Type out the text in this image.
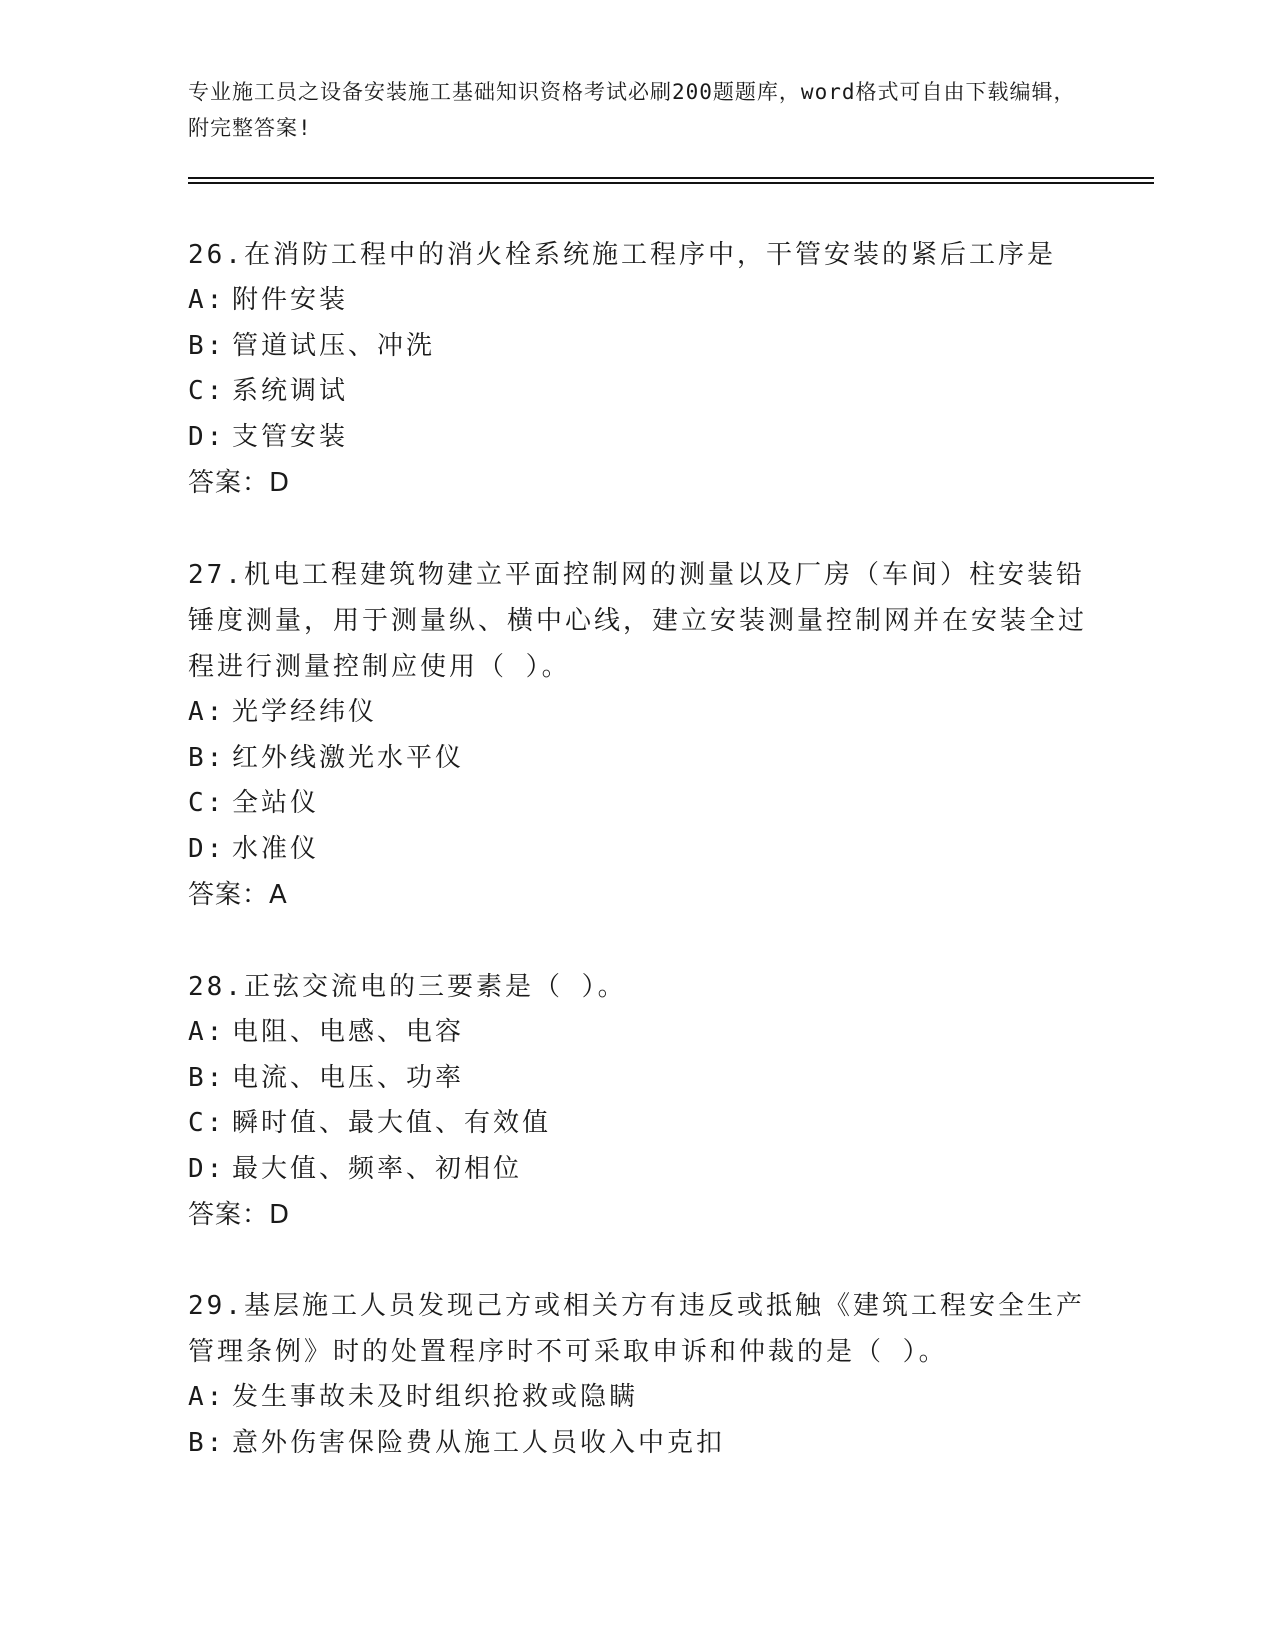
专业施工员之设备安装施工基础知识资格考试必刷200题题库，word格式可自由下载编辑，附完整答案!
26.在消防工程中的消火栓系统施工程序中，干管安装的紧后工序是
A: 附件安装
B: 管道试压、冲洗
C: 系统调试
D: 支管安装
答案：D
27.机电工程建筑物建立平面控制网的测量以及厂房（车间）柱安装铅锤度测量，用于测量纵、横中心线，建立安装测量控制网并在安装全过程进行测量控制应使用（ ）。
A: 光学经纬仪
B: 红外线激光水平仪
C: 全站仪
D: 水准仪
答案：A
28.正弦交流电的三要素是（ ）。
A: 电阻、电感、电容
B: 电流、电压、功率
C: 瞬时值、最大值、有效值
D: 最大值、频率、初相位
答案：D
29.基层施工人员发现己方或相关方有违反或抵触《建筑工程安全生产管理条例》时的处置程序时不可采取申诉和仲裁的是（ ）。
A: 发生事故未及时组织抢救或隐瞒
B: 意外伤害保险费从施工人员收入中克扣
